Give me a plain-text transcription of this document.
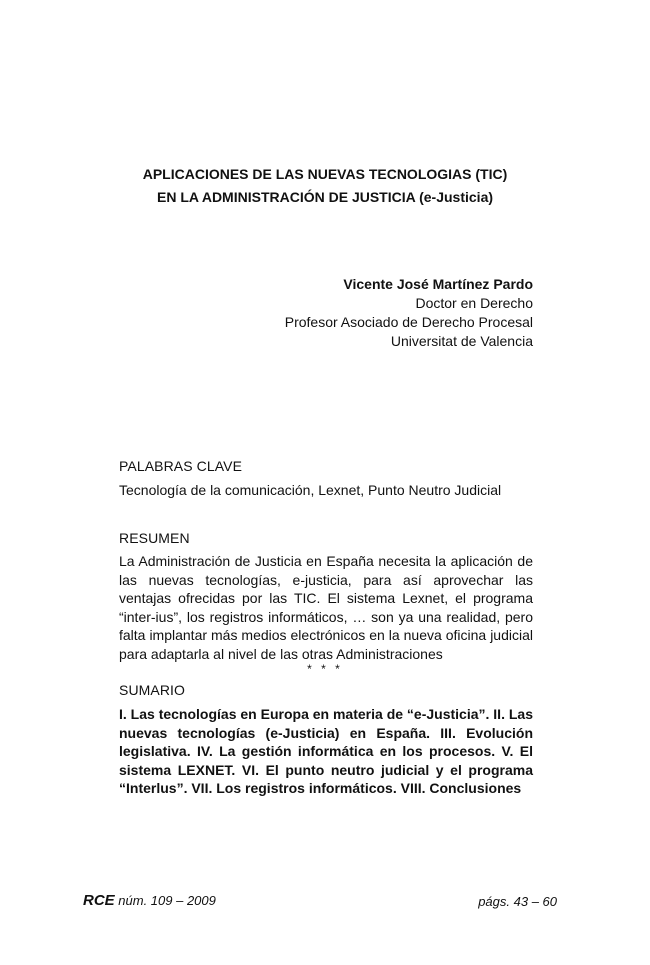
APLICACIONES DE LAS NUEVAS TECNOLOGIAS (TIC)
EN LA ADMINISTRACIÓN DE JUSTICIA (e-Justicia)
Vicente José Martínez Pardo
Doctor en Derecho
Profesor Asociado de Derecho Procesal
Universitat de Valencia
PALABRAS CLAVE
Tecnología de la comunicación, Lexnet, Punto Neutro Judicial
RESUMEN
La Administración de Justicia en España necesita la aplicación de las nuevas tecnologías, e-justicia, para así aprovechar las ventajas ofrecidas por las TIC. El sistema Lexnet, el programa “inter-ius”, los registros informáticos, … son ya una realidad, pero falta implantar más medios electrónicos en la nueva oficina judicial para adaptarla al nivel de las otras Administraciones
* * *
SUMARIO
I. Las tecnologías en Europa en materia de “e-Justicia”. II. Las nuevas tecnologías (e-Justicia) en España. III. Evolución legislativa. IV. La gestión informática en los procesos. V. El sistema LEXNET. VI. El punto neutro judicial y el programa “Interlus”. VII. Los registros informáticos. VIII. Conclusiones
RCE núm. 109 – 2009	págs. 43 – 60
